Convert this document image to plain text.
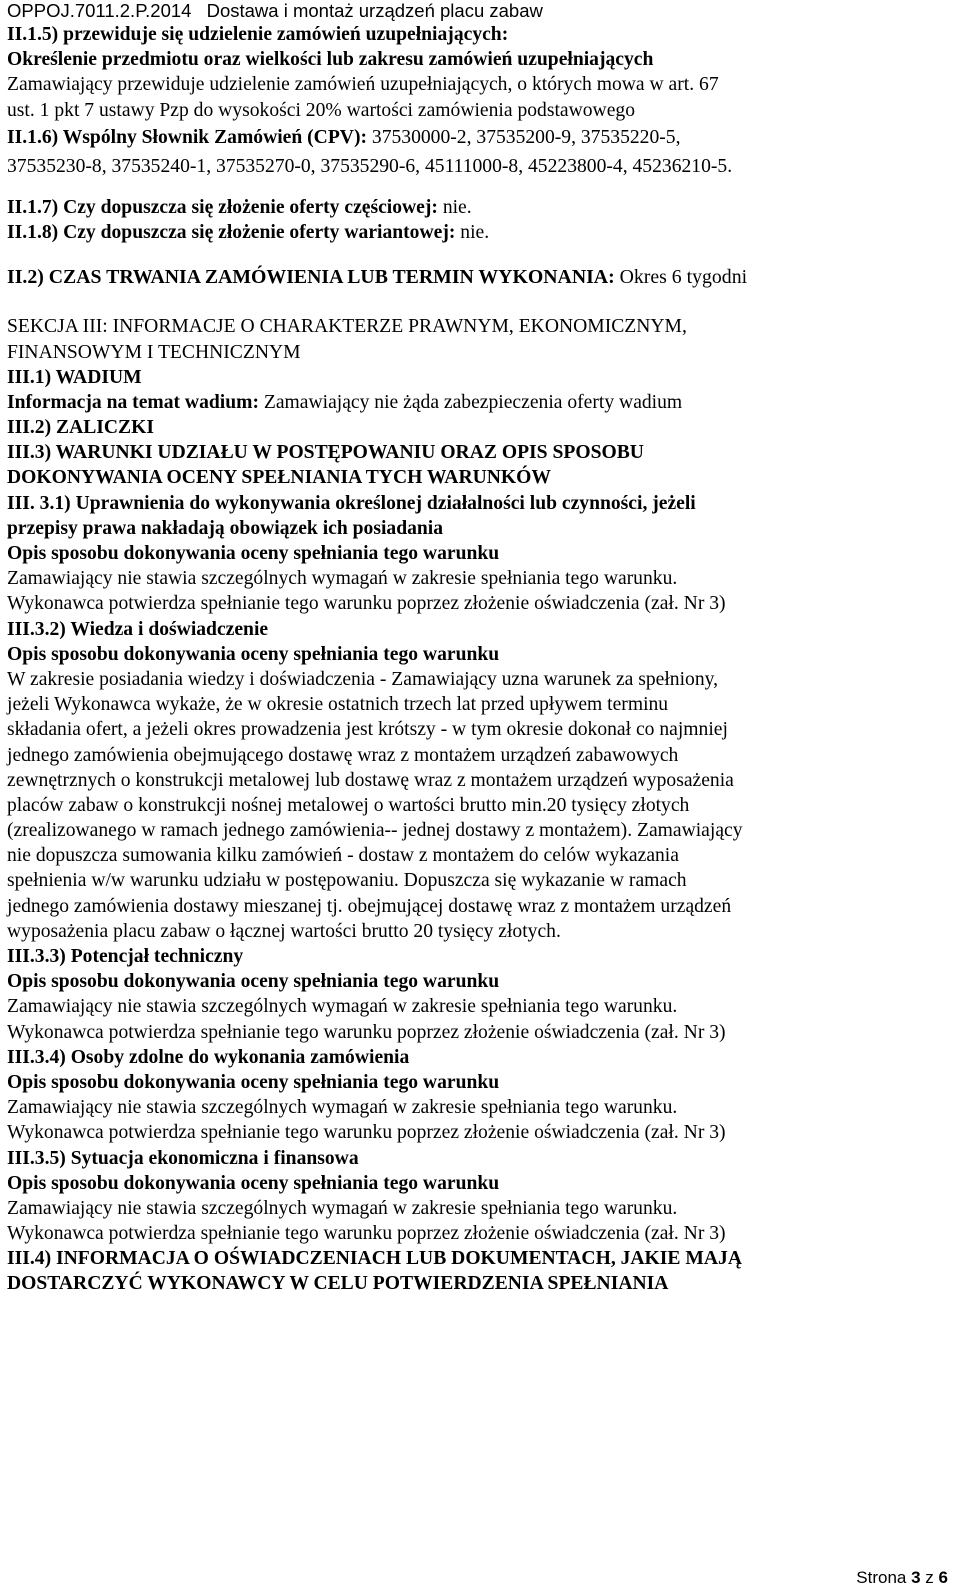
OPPOJ.7011.2.P.2014 Dostawa i montaż urządzeń placu zabaw
II.1.5) przewiduje się udzielenie zamówień uzupełniających:
Określenie przedmiotu oraz wielkości lub zakresu zamówień uzupełniających
Zamawiający przewiduje udzielenie zamówień uzupełniających, o których mowa w art. 67
ust. 1 pkt 7 ustawy Pzp do wysokości 20% wartości zamówienia podstawowego
II.1.6) Wspólny Słownik Zamówień (CPV): 37530000-2, 37535200-9, 37535220-5,
37535230-8, 37535240-1, 37535270-0, 37535290-6, 45111000-8, 45223800-4, 45236210-5.
II.1.7) Czy dopuszcza się złożenie oferty częściowej: nie.
II.1.8) Czy dopuszcza się złożenie oferty wariantowej: nie.
II.2) CZAS TRWANIA ZAMÓWIENIA LUB TERMIN WYKONANIA: Okres 6 tygodni
SEKCJA III: INFORMACJE O CHARAKTERZE PRAWNYM, EKONOMICZNYM,
FINANSOWYM I TECHNICZNYM
III.1) WADIUM
Informacja na temat wadium: Zamawiający nie żąda zabezpieczenia oferty wadium
III.2) ZALICZKI
III.3) WARUNKI UDZIAŁU W POSTĘPOWANIU ORAZ OPIS SPOSOBU
DOKONYWANIA OCENY SPEŁNIANIA TYCH WARUNKÓW
III. 3.1) Uprawnienia do wykonywania określonej działalności lub czynności, jeżeli
przepisy prawa nakładają obowiązek ich posiadania
Opis sposobu dokonywania oceny spełniania tego warunku
Zamawiający nie stawia szczególnych wymagań w zakresie spełniania tego warunku.
Wykonawca potwierdza spełnianie tego warunku poprzez złożenie oświadczenia (zał. Nr 3)
III.3.2) Wiedza i doświadczenie
Opis sposobu dokonywania oceny spełniania tego warunku
W zakresie posiadania wiedzy i doświadczenia - Zamawiający uzna warunek za spełniony,
jeżeli Wykonawca wykaże, że w okresie ostatnich trzech lat przed upływem terminu
składania ofert, a jeżeli okres prowadzenia jest krótszy - w tym okresie dokonał co najmniej
jednego zamówienia obejmującego dostawę wraz z montażem urządzeń zabawowych
zewnętrznych o konstrukcji metalowej lub dostawę wraz z montażem urządzeń wyposażenia
placów zabaw o konstrukcji nośnej metalowej o wartości brutto min.20 tysięcy złotych
(zrealizowanego w ramach jednego zamówienia-- jednej dostawy z montażem). Zamawiający
nie dopuszcza sumowania kilku zamówień - dostaw z montażem do celów wykazania
spełnienia w/w warunku udziału w postępowaniu. Dopuszcza się wykazanie w ramach
jednego zamówienia dostawy mieszanej tj. obejmującej dostawę wraz z montażem urządzeń
wyposażenia placu zabaw o łącznej wartości brutto 20 tysięcy złotych.
III.3.3) Potencjał techniczny
Opis sposobu dokonywania oceny spełniania tego warunku
Zamawiający nie stawia szczególnych wymagań w zakresie spełniania tego warunku.
Wykonawca potwierdza spełnianie tego warunku poprzez złożenie oświadczenia (zał. Nr 3)
III.3.4) Osoby zdolne do wykonania zamówienia
Opis sposobu dokonywania oceny spełniania tego warunku
Zamawiający nie stawia szczególnych wymagań w zakresie spełniania tego warunku.
Wykonawca potwierdza spełnianie tego warunku poprzez złożenie oświadczenia (zał. Nr 3)
III.3.5) Sytuacja ekonomiczna i finansowa
Opis sposobu dokonywania oceny spełniania tego warunku
Zamawiający nie stawia szczególnych wymagań w zakresie spełniania tego warunku.
Wykonawca potwierdza spełnianie tego warunku poprzez złożenie oświadczenia (zał. Nr 3)
III.4) INFORMACJA O OŚWIADCZENIACH LUB DOKUMENTACH, JAKIE MAJĄ
DOSTARCZYĆ WYKONAWCY W CELU POTWIERDZENIA SPEŁNIANIA
Strona 3 z 6
